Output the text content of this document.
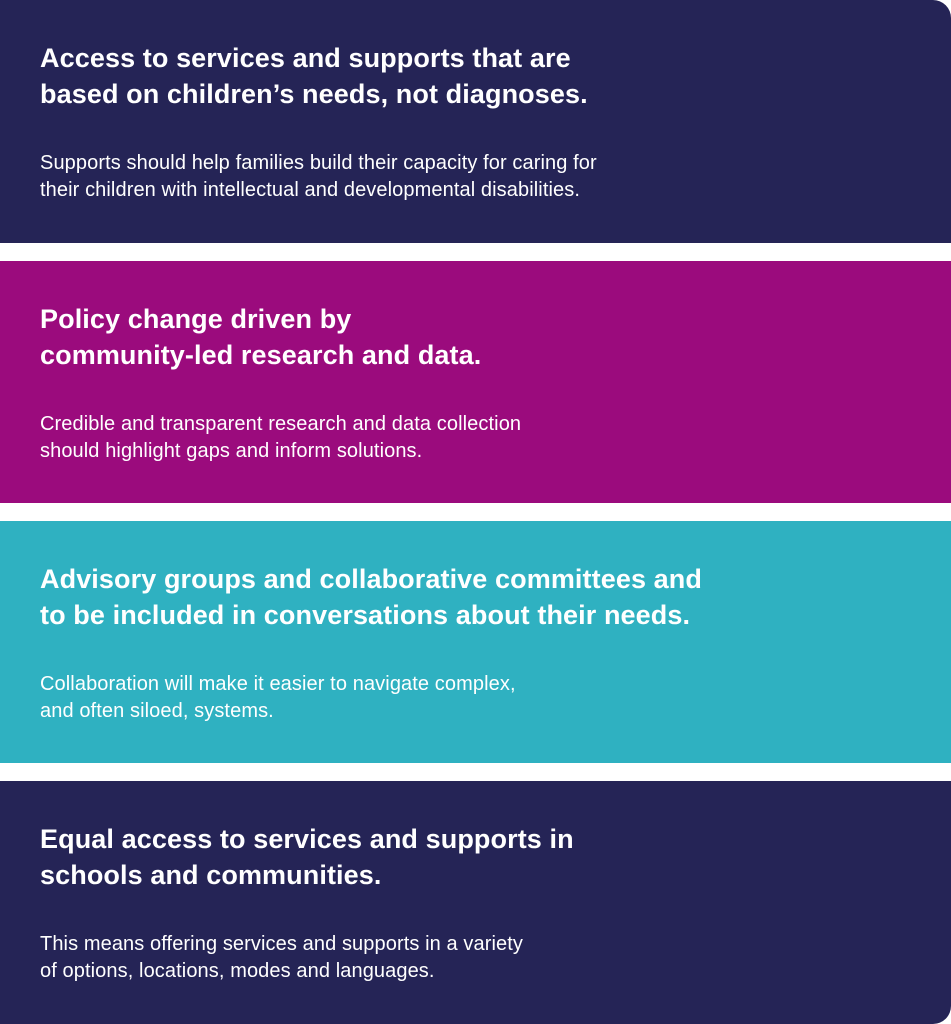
Access to services and supports that are
based on children’s needs, not diagnoses.

Supports should help families build their capacity for caring for
their children with intellectual and developmental disabilities.

Policy change driven by
community-led research and data.

Credible and transparent research and data collection
should highlight gaps and inform solutions.

Advisory groups and collaborative committees and
to be included in conversations about their needs.

Collaboration will make it easier to navigate complex,
and often siloed, systems.

Equal access to services and supports in
schools and communities.

This means offering services and supports in a variety
of options, locations, modes and languages.
